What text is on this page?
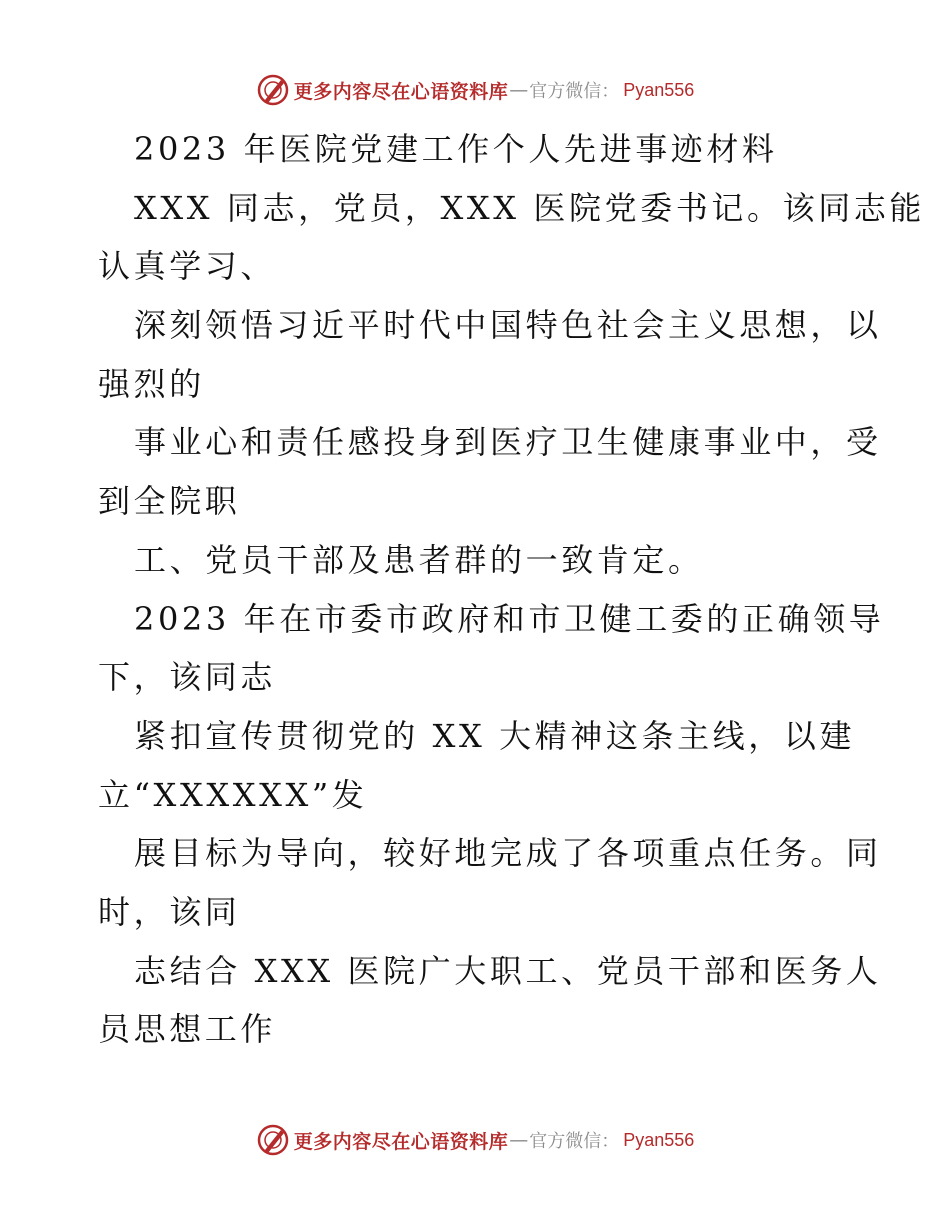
更多内容尽在心语资料库 — 官方微信： Pyan556
2023 年医院党建工作个人先进事迹材料
XXX 同志，党员，XXX 医院党委书记。该同志能
认真学习、
深刻领悟习近平时代中国特色社会主义思想，以
强烈的
事业心和责任感投身到医疗卫生健康事业中，受
到全院职
工、党员干部及患者群的一致肯定。
2023 年在市委市政府和市卫健工委的正确领导
下，该同志
紧扣宣传贯彻党的 XX 大精神这条主线，以建
立“XXXXXX”发
展目标为导向，较好地完成了各项重点任务。同
时，该同
志结合 XXX 医院广大职工、党员干部和医务人
员思想工作
更多内容尽在心语资料库 — 官方微信： Pyan556
